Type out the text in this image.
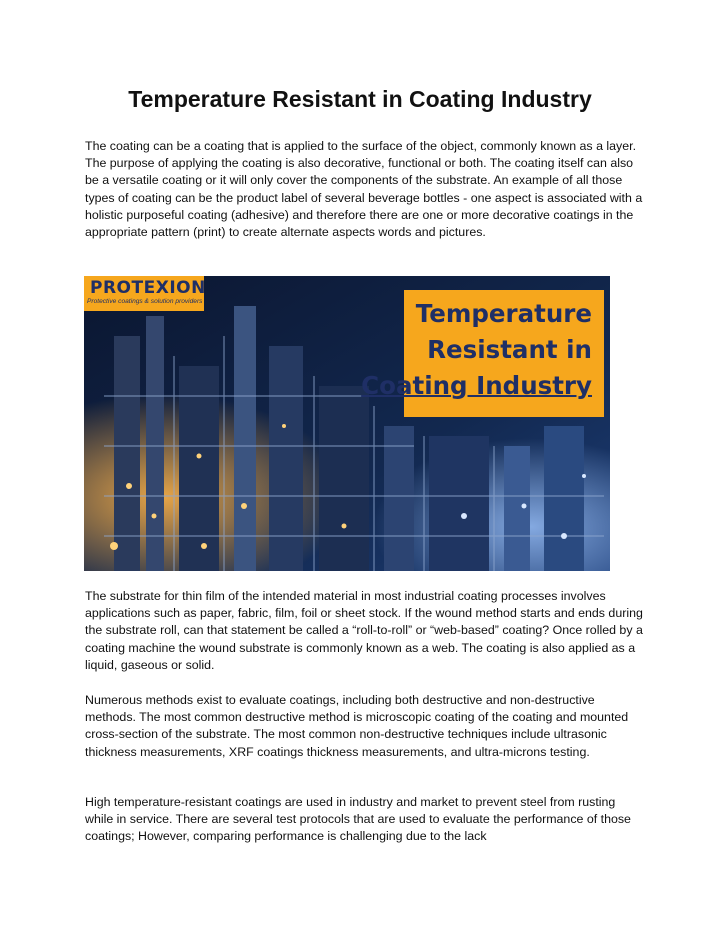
Temperature Resistant in Coating Industry

The coating can be a coating that is applied to the surface of the object, commonly known as a layer. The purpose of applying the coating is also decorative, functional or both. The coating itself can also be a versatile coating or it will only cover the components of the substrate. An example of all those types of coating can be the product label of several beverage bottles - one aspect is associated with a holistic purposeful coating (adhesive) and therefore there are one or more decorative coatings in the appropriate pattern (print) to create alternate aspects words and pictures.

PROTEXION
Protective coatings & solution providers	Temperature
Resistant in
Coating Industry

The substrate for thin film of the intended material in most industrial coating processes involves applications such as paper, fabric, film, foil or sheet stock. If the wound method starts and ends during the substrate roll, can that statement be called a “roll-to-roll” or “web-based” coating? Once rolled by a coating machine the wound substrate is commonly known as a web. The coating is also applied as a liquid, gaseous or solid.

Numerous methods exist to evaluate coatings, including both destructive and non-destructive methods. The most common destructive method is microscopic coating of the coating and mounted cross-section of the substrate. The most common non-destructive techniques include ultrasonic thickness measurements, XRF coatings thickness measurements, and ultra-microns testing.

High temperature-resistant coatings are used in industry and market to prevent steel from rusting while in service. There are several test protocols that are used to evaluate the performance of those coatings; However, comparing performance is challenging due to the lack
